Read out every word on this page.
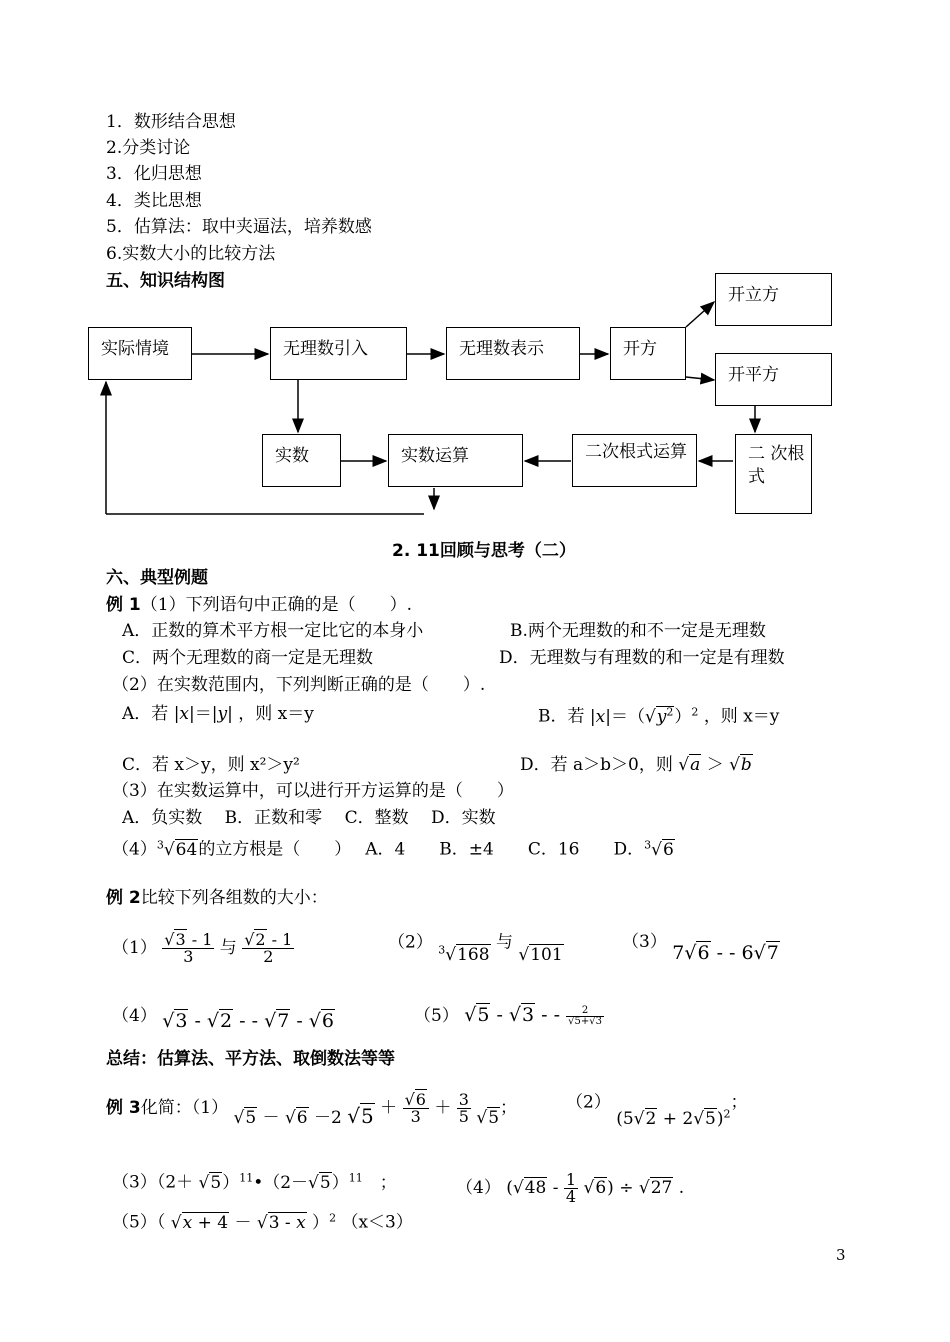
1．数形结合思想
2.分类讨论
3．化归思想
4．类比思想
5．估算法：取中夹逼法，培养数感
6.实数大小的比较方法
五、知识结构图
实际情境	无理数引入	无理数表示	开方
开立方
开平方
实数	实数运算	二次根式运算	二 次根式
2. 11回顾与思考（二）
六、典型例题
例 1（1）下列语句中正确的是（　　）.
A．正数的算术平方根一定比它的本身小	B.两个无理数的和不一定是无理数
C．两个无理数的商一定是无理数	D．无理数与有理数的和一定是有理数
（2）在实数范围内，下列判断正确的是（　　）.
A．若 |x|＝|y| ，则 x＝y	B．若 $|x|=(√y^2)^2$ ，则 x＝y
C．若 x＞y，则 x²＞y²	D．若 a＞b＞0，则 √a ＞ √b
（3）在实数运算中，可以进行开方运算的是（　　）
A．负实数　 B．正数和零　 C．整数　 D．实数
$(4)^3√64$的立方根是（　　）　 A．4　　B．±4　　C．16　　D．$^3$√6
例 2比较下列各组数的大小：
$(1) \frac{√3 - 1}{3}$ 与 $\frac{√2 - 1}{2}$	（2） $^3$√168 与 √101
（3） 7√6 - - 6√7
（4） √3 - √2 - - √7 - √6	（5） √5 - √3 - - $\frac{2}{√5+√3}$
总结：估算法、平方法、取倒数法等等
例 3化简：（1） √5 － √6 －2 $√5 + \frac{√6}{3} + \frac{3}{5} √5$；	（2） $(5√2 + 2√5)^2$；
$(3)(2+ √5)^{11}•(2-√5)^{11}$　；	（4） $(√48 - \frac{1}{4} √6) \div √27$ .
（5）（ √x + 4 － √3 - x ）$^2$ （x＜3）
3
